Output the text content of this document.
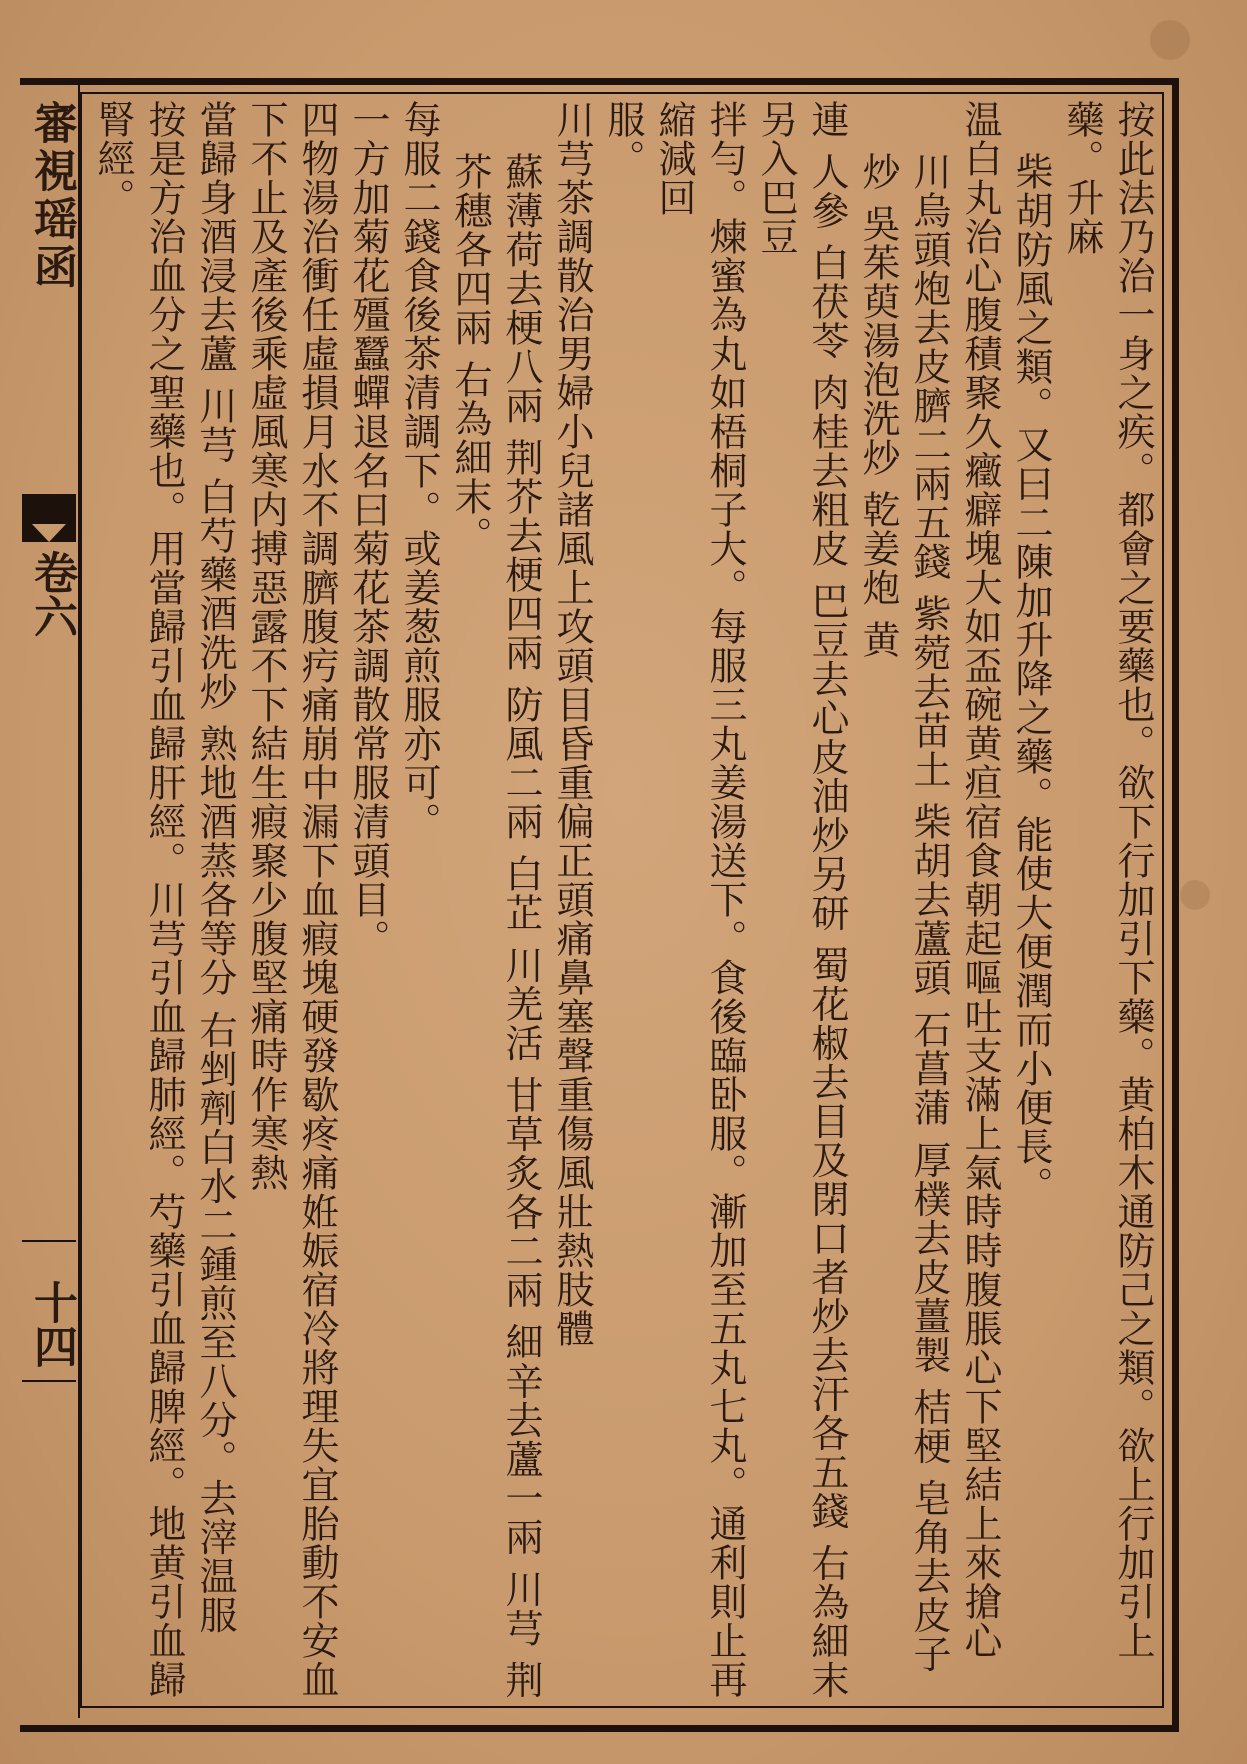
審視瑶函
卷六
十四	按此法乃治一身之疾。都會之要藥也。欲下行加引下藥。黄柏木通防己之類。欲上行加引上藥。升麻
柴胡防風之類。又曰二陳加升降之藥。能使大便潤而小便長。
温白丸治心腹積聚久癥癖塊大如盃碗黄疸宿食朝起嘔吐支滿上氣時時腹脹心下堅結上來搶心
川烏頭炮去皮臍二兩五錢 紫菀去苗土 柴胡去蘆頭 石菖蒲 厚樸去皮薑製 桔梗 皂角去皮子炒 吳茱萸湯泡洗炒 乾姜炮 黄
連 人參 白茯苓 肉桂去粗皮 巴豆去心皮油炒另研 蜀花椒去目及閉口者炒去汗各五錢 右為細末另入巴豆
拌勻。煉蜜為丸如梧桐子大。每服三丸姜湯送下。食後臨卧服。漸加至五丸七丸。通利則止再縮減回
服。
川芎茶調散治男婦小兒諸風上攻頭目昏重偏正頭痛鼻塞聲重傷風壯熱肢體
蘇薄荷去梗八兩 荆芥去梗四兩 防風二兩 白芷 川羌活 甘草炙各二兩 細辛去蘆一兩 川芎 荆芥穗各四兩 右為細末。
每服二錢食後茶清調下。或姜葱煎服亦可。
一方加菊花殭蠶蟬退名曰菊花茶調散常服清頭目。
四物湯治衝任虛損月水不調臍腹㽲痛崩中漏下血瘕塊硬發歇疼痛姙娠宿冷將理失宜胎動不安血下不止及產後乘虛風寒内搏惡露不下結生瘕聚少腹堅痛時作寒熱
當歸身酒浸去蘆 川芎 白芍藥酒洗炒 熟地酒蒸各等分 右剉劑白水二鍾煎至八分。去滓温服
按是方治血分之聖藥也。用當歸引血歸肝經。川芎引血歸肺經。芍藥引血歸脾經。地黄引血歸腎經。
